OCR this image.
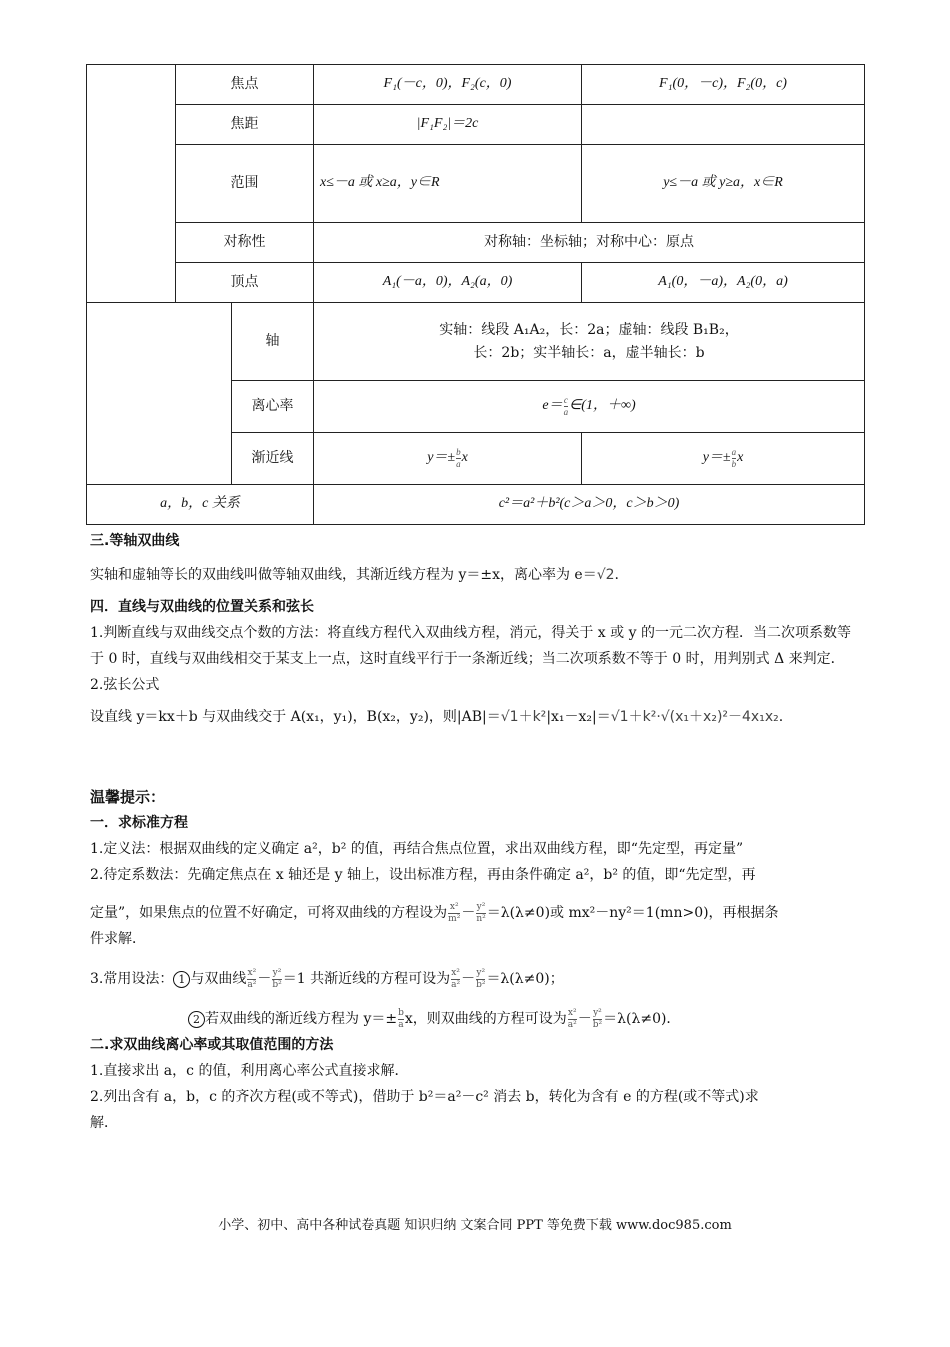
	焦点		F₁(－c，0)，F₂(c，0)	F₁(0，－c)，F₂(0，c)
	焦距		|F₁F₂|＝2c	
	范围		x≤－a 或 x≥a，y∈R	y≤－a 或 y≥a，x∈R
	对称性		对称轴：坐标轴；对称中心：原点	
	顶点		A₁(－a，0)，A₂(a，0)	A₁(0，－a)，A₂(0，a)
		轴	实轴：线段 A₁A₂，长：2a；虚轴：线段 B₁B₂，
长：2b；实半轴长：a，虚半轴长：b	

		离心率	$e= \frac{c}{a}$ ∈(1，＋∞)	
		渐近线	$y=\pm \frac{b}{a}$ x	$y=\pm \frac{a}{b}$ x
a，b，c 关系			c²＝a²＋b²(c＞a＞0，c＞b＞0)	
三.等轴双曲线
实轴和虚轴等长的双曲线叫做等轴双曲线，其渐近线方程为 y＝±x，离心率为 e＝√2.
四．直线与双曲线的位置关系和弦长
1.判断直线与双曲线交点个数的方法：将直线方程代入双曲线方程，消元，得关于 x 或 y 的一元二次方程．当二次项系数等于 0 时，直线与双曲线相交于某支上一点，这时直线平行于一条渐近线；当二次项系数不等于 0 时，用判别式 Δ 来判定．
2.弦长公式
设直线 y＝kx＋b 与双曲线交于 A(x₁，y₁)，B(x₂，y₂)，则|AB|＝√1＋k²|x₁－x₂|＝√1＋k²·√(x₁＋x₂)²－4x₁x₂.
温馨提示：
一．求标准方程
1.定义法：根据双曲线的定义确定 a²，b² 的值，再结合焦点位置，求出双曲线方程，即“先定型，再定量”
2.待定系数法：先确定焦点在 x 轴还是 y 轴上，设出标准方程，再由条件确定 a²，b² 的值，即“先定型，再
定量”，如果焦点的位置不好确定，可将双曲线的方程设为 $\frac{\text{x²}}{\text{m²}} - \frac{\text{y²}}{\text{n²}} =\lambda(\lambda\ne 0)$或 mx²－ny²＝1(mn>0)，再根据条
件求解．
3.常用设法： 1 与双曲线 $\frac{\text{x²}}{\text{a²}} - \frac{\text{y²}}{\text{b²}} =1$ 共渐近线的方程可设为 $\frac{\text{x²}}{\text{a²}} - \frac{\text{y²}}{\text{b²}} =\lambda(\lambda\ne 0)$；
2 若双曲线的渐近线方程为 $y=\pm \frac{b}{a}$ x，则双曲线的方程可设为 $\frac{\text{x²}}{\text{a²}} - \frac{\text{y²}}{\text{b²}} =\lambda(\lambda\ne 0)$．
二.求双曲线离心率或其取值范围的方法
1.直接求出 a，c 的值，利用离心率公式直接求解．
2.列出含有 a，b，c 的齐次方程(或不等式)，借助于 b²＝a²－c² 消去 b，转化为含有 e 的方程(或不等式)求
解．
小学、初中、高中各种试卷真题 知识归纳 文案合同 PPT 等免费下载 www.doc985.com
